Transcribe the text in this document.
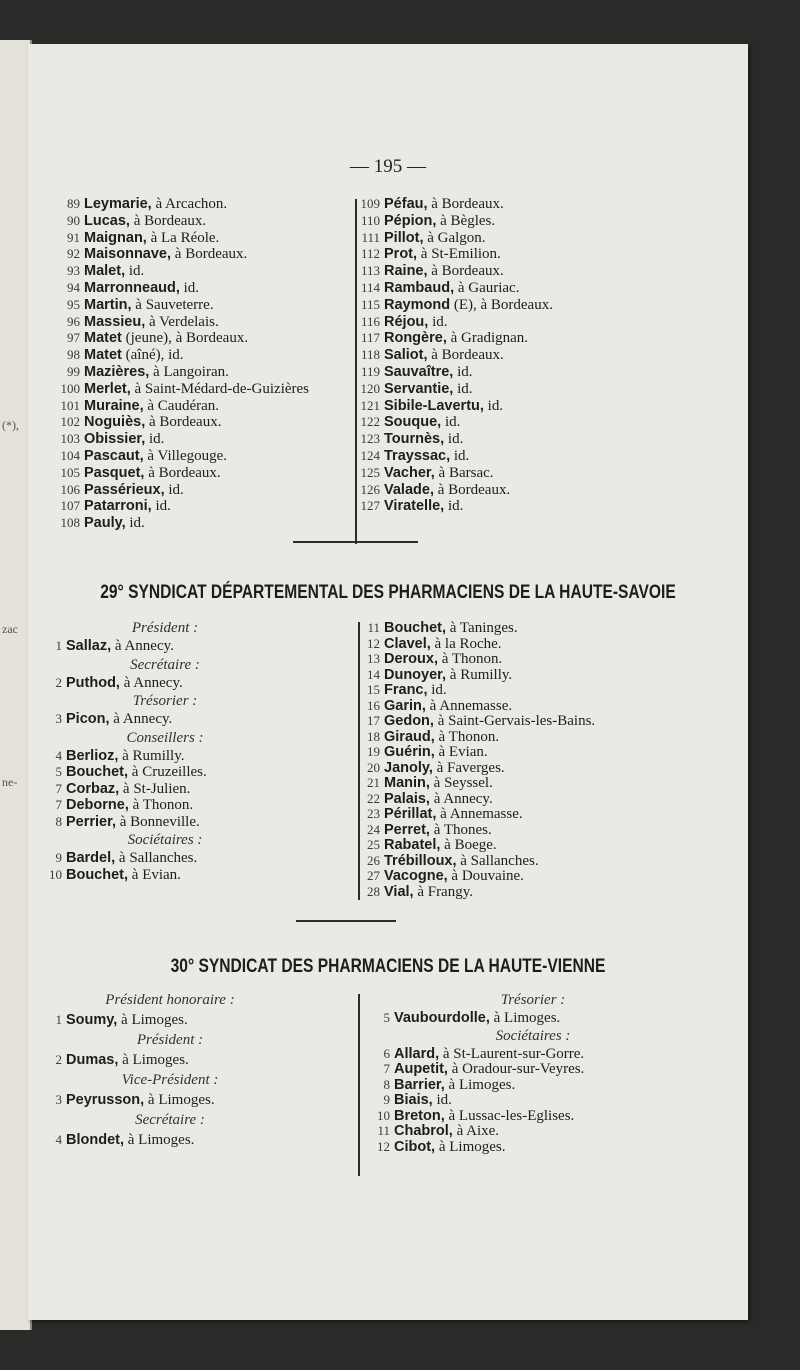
(*),
zac
ne-
— 195 —
89 Leymarie, à Arcachon.
90 Lucas, à Bordeaux.
91 Maignan, à La Réole.
92 Maisonnave, à Bordeaux.
93 Malet, id.
94 Marronneaud, id.
95 Martin, à Sauveterre.
96 Massieu, à Verdelais.
97 Matet (jeune), à Bordeaux.
98 Matet (aîné), id.
99 Mazières, à Langoiran.
100 Merlet, à Saint-Médard-de-Guizières
101 Muraine, à Caudéran.
102 Noguiès, à Bordeaux.
103 Obissier, id.
104 Pascaut, à Villegouge.
105 Pasquet, à Bordeaux.
106 Passérieux, id.
107 Patarroni, id.
108 Pauly, id.
109 Péfau, à Bordeaux.
110 Pépion, à Bègles.
111 Pillot, à Galgon.
112 Prot, à St-Emilion.
113 Raine, à Bordeaux.
114 Rambaud, à Gauriac.
115 Raymond (E), à Bordeaux.
116 Réjou, id.
117 Rongère, à Gradignan.
118 Saliot, à Bordeaux.
119 Sauvaître, id.
120 Servantie, id.
121 Sibile-Lavertu, id.
122 Souque, id.
123 Tournès, id.
124 Trayssac, id.
125 Vacher, à Barsac.
126 Valade, à Bordeaux.
127 Viratelle, id.
29° SYNDICAT DÉPARTEMENTAL DES PHARMACIENS DE LA HAUTE-SAVOIE
Président :
1 Sallaz, à Annecy.
Secrétaire :
2 Puthod, à Annecy.
Trésorier :
3 Picon, à Annecy.
Conseillers :
4 Berlioz, à Rumilly.
5 Bouchet, à Cruzeilles.
7 Corbaz, à St-Julien.
7 Deborne, à Thonon.
8 Perrier, à Bonneville.
Sociétaires :
9 Bardel, à Sallanches.
10 Bouchet, à Evian.
11 Bouchet, à Taninges.
12 Clavel, à la Roche.
13 Deroux, à Thonon.
14 Dunoyer, à Rumilly.
15 Franc, id.
16 Garin, à Annemasse.
17 Gedon, à Saint-Gervais-les-Bains.
18 Giraud, à Thonon.
19 Guérin, à Evian.
20 Janoly, à Faverges.
21 Manin, à Seyssel.
22 Palais, à Annecy.
23 Périllat, à Annemasse.
24 Perret, à Thones.
25 Rabatel, à Boege.
26 Trébilloux, à Sallanches.
27 Vacogne, à Douvaine.
28 Vial, à Frangy.
30° SYNDICAT DES PHARMACIENS DE LA HAUTE-VIENNE
Président honoraire :
1 Soumy, à Limoges.
Président :
2 Dumas, à Limoges.
Vice-Président :
3 Peyrusson, à Limoges.
Secrétaire :
4 Blondet, à Limoges.
Trésorier :
5 Vaubourdolle, à Limoges.
Sociétaires :
6 Allard, à St-Laurent-sur-Gorre.
7 Aupetit, à Oradour-sur-Veyres.
8 Barrier, à Limoges.
9 Biais, id.
10 Breton, à Lussac-les-Eglises.
11 Chabrol, à Aixe.
12 Cibot, à Limoges.
